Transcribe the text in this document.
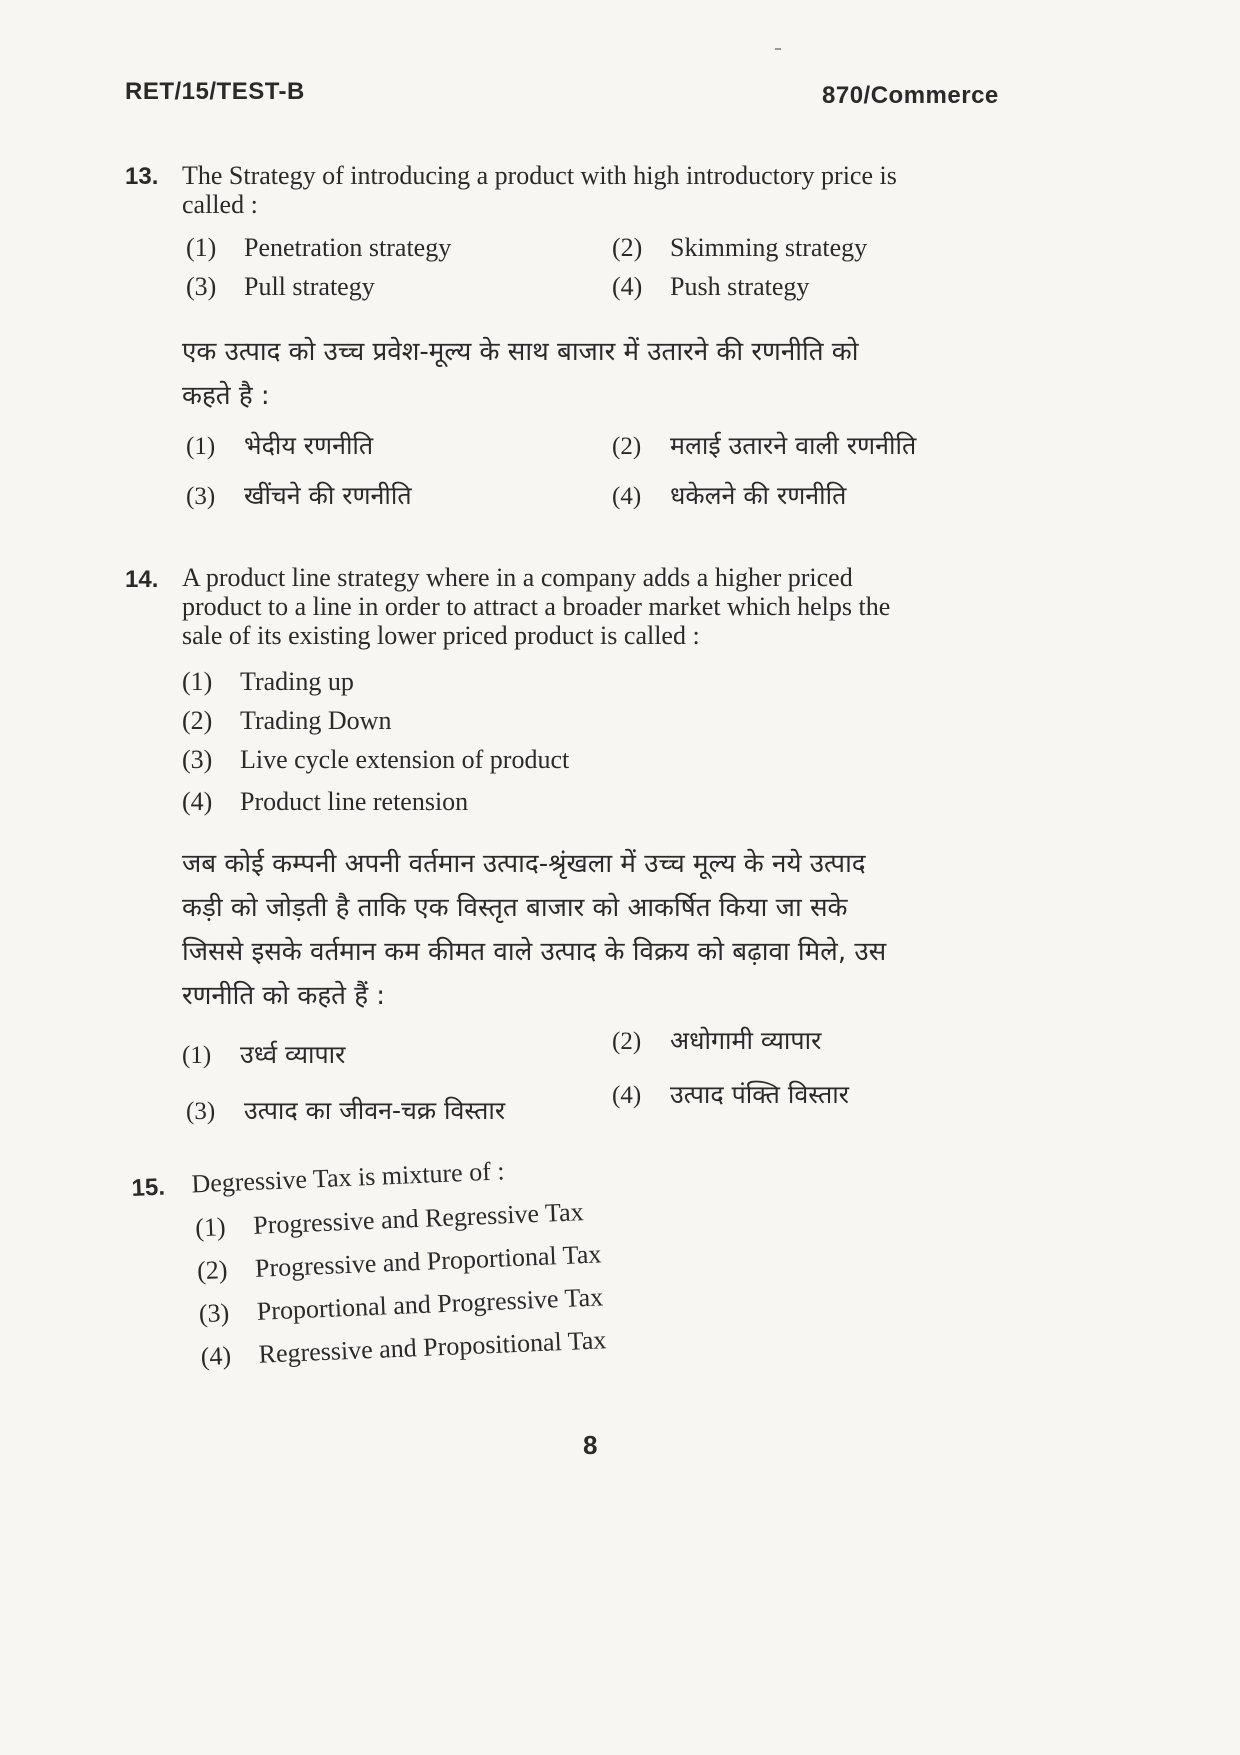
RET/15/TEST-B	870/Commerce
13. The Strategy of introducing a product with high introductory price is
called :
(1) Penetration strategy	(2) Skimming strategy
(3) Pull strategy	(4) Push strategy
एक उत्पाद को उच्च प्रवेश-मूल्य के साथ बाजार में उतारने की रणनीति को
कहते है :
(1) भेदीय रणनीति	(2) मलाई उतारने वाली रणनीति
(3) खींचने की रणनीति	(4) धकेलने की रणनीति
14. A product line strategy where in a company adds a higher priced
product to a line in order to attract a broader market which helps the
sale of its existing lower priced product is called :
(1) Trading up
(2) Trading Down
(3) Live cycle extension of product
(4) Product line retension
जब कोई कम्पनी अपनी वर्तमान उत्पाद-श्रृंखला में उच्च मूल्य के नये उत्पाद
कड़ी को जोड़ती है ताकि एक विस्तृत बाजार को आकर्षित किया जा सके
जिससे इसके वर्तमान कम कीमत वाले उत्पाद के विक्रय को बढ़ावा मिले, उस
रणनीति को कहते हैं :
(1) उर्ध्व व्यापार	(2) अधोगामी व्यापार
(3) उत्पाद का जीवन-चक्र विस्तार
(4) उत्पाद पंक्ति विस्तार
15. Degressive Tax is mixture of :
(1) Progressive and Regressive Tax
(2) Progressive and Proportional Tax
(3) Proportional and Progressive Tax
(4) Regressive and Propositional Tax
8
